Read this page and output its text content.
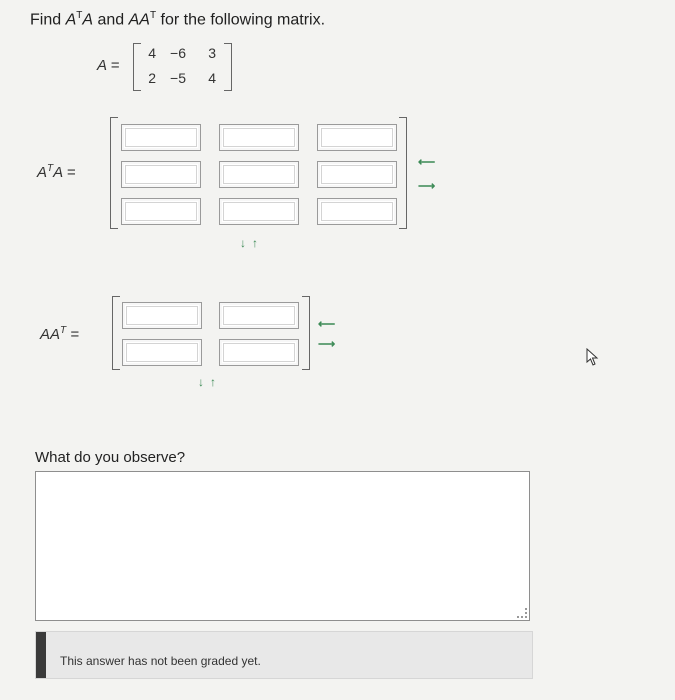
Find $A^TA$ and $AA^T$ for the following matrix.
A =
4 −6	3
2 −5	4
$A^TA$ =
⟵
⟶
↓ ↑
$AA^T$ =
⟵
⟶
↓ ↑
What do you observe?
This answer has not been graded yet.
